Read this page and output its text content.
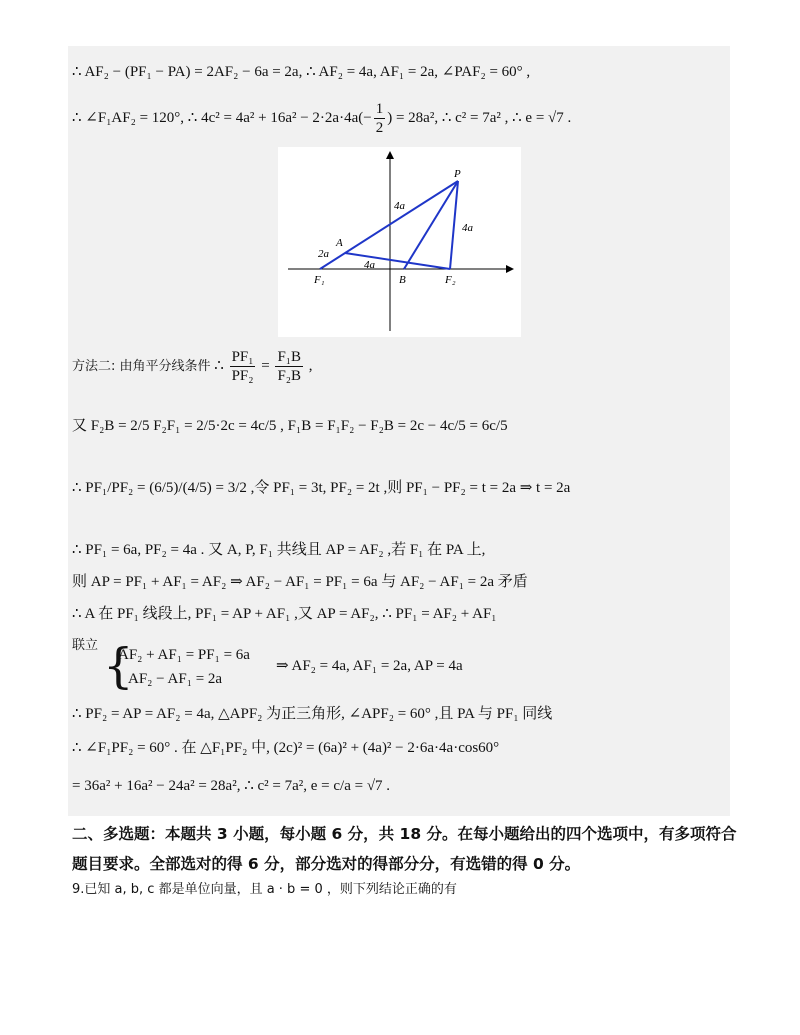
∴ AF₂ − (PF₁ − PA) = 2AF₂ − 6a = 2a, ∴ AF₂ = 4a, AF₁ = 2a, ∠PAF₂ = 60° ,
∴ ∠F₁AF₂ = 120°, ∴ $4c^2 = 4a^2 + 16a^2 - 2\cdot 2a\cdot 4a(- \frac{1}{2}$ ) = 28a², ∴ c² = 7a² , ∴ e = √7 .
P
A
F₁	B	F₂
4a
4a
2a
4a
方法二: 由角平分线条件 ∴ $\frac{\text{PF₁}}{\text{PF₂}} = \frac{\text{F₁B}}{\text{F₂B}}$ ,
又 F₂B = 2/5 F₂F₁ = 2/5·2c = 4c/5 , F₁B = F₁F₂ − F₂B = 2c − 4c/5 = 6c/5
∴ PF₁/PF₂ = (6/5)/(4/5) = 3/2 ,令 PF₁ = 3t, PF₂ = 2t ,则 PF₁ − PF₂ = t = 2a ⇒ t = 2a
∴ PF₁ = 6a, PF₂ = 4a . 又 A, P, F₁ 共线且 AP = AF₂ ,若 F₁ 在 PA 上,
则 AP = PF₁ + AF₁ = AF₂ ⇒ AF₂ − AF₁ = PF₁ = 6a 与 AF₂ − AF₁ = 2a 矛盾
∴ A 在 PF₁ 线段上, PF₁ = AP + AF₁ ,又 AP = AF₂, ∴ PF₁ = AF₂ + AF₁
联立 {
AF₂ + AF₁ = PF₁ = 6a
AF₂ − AF₁ = 2a
⇒ AF₂ = 4a, AF₁ = 2a, AP = 4a
∴ PF₂ = AP = AF₂ = 4a, △APF₂ 为正三角形, ∠APF₂ = 60° ,且 PA 与 PF₁ 同线
∴ ∠F₁PF₂ = 60° . 在 △F₁PF₂ 中, (2c)² = (6a)² + (4a)² − 2·6a·4a·cos60°
= 36a² + 16a² − 24a² = 28a², ∴ c² = 7a², e = c/a = √7 .
二、多选题：本题共 3 小题，每小题 6 分，共 18 分。在每小题给出的四个选项中，有多项符合
题目要求。全部选对的得 6 分，部分选对的得部分分，有选错的得 0 分。
9.已知 a, b, c 都是单位向量，且 a · b = 0 ，则下列结论正确的有
